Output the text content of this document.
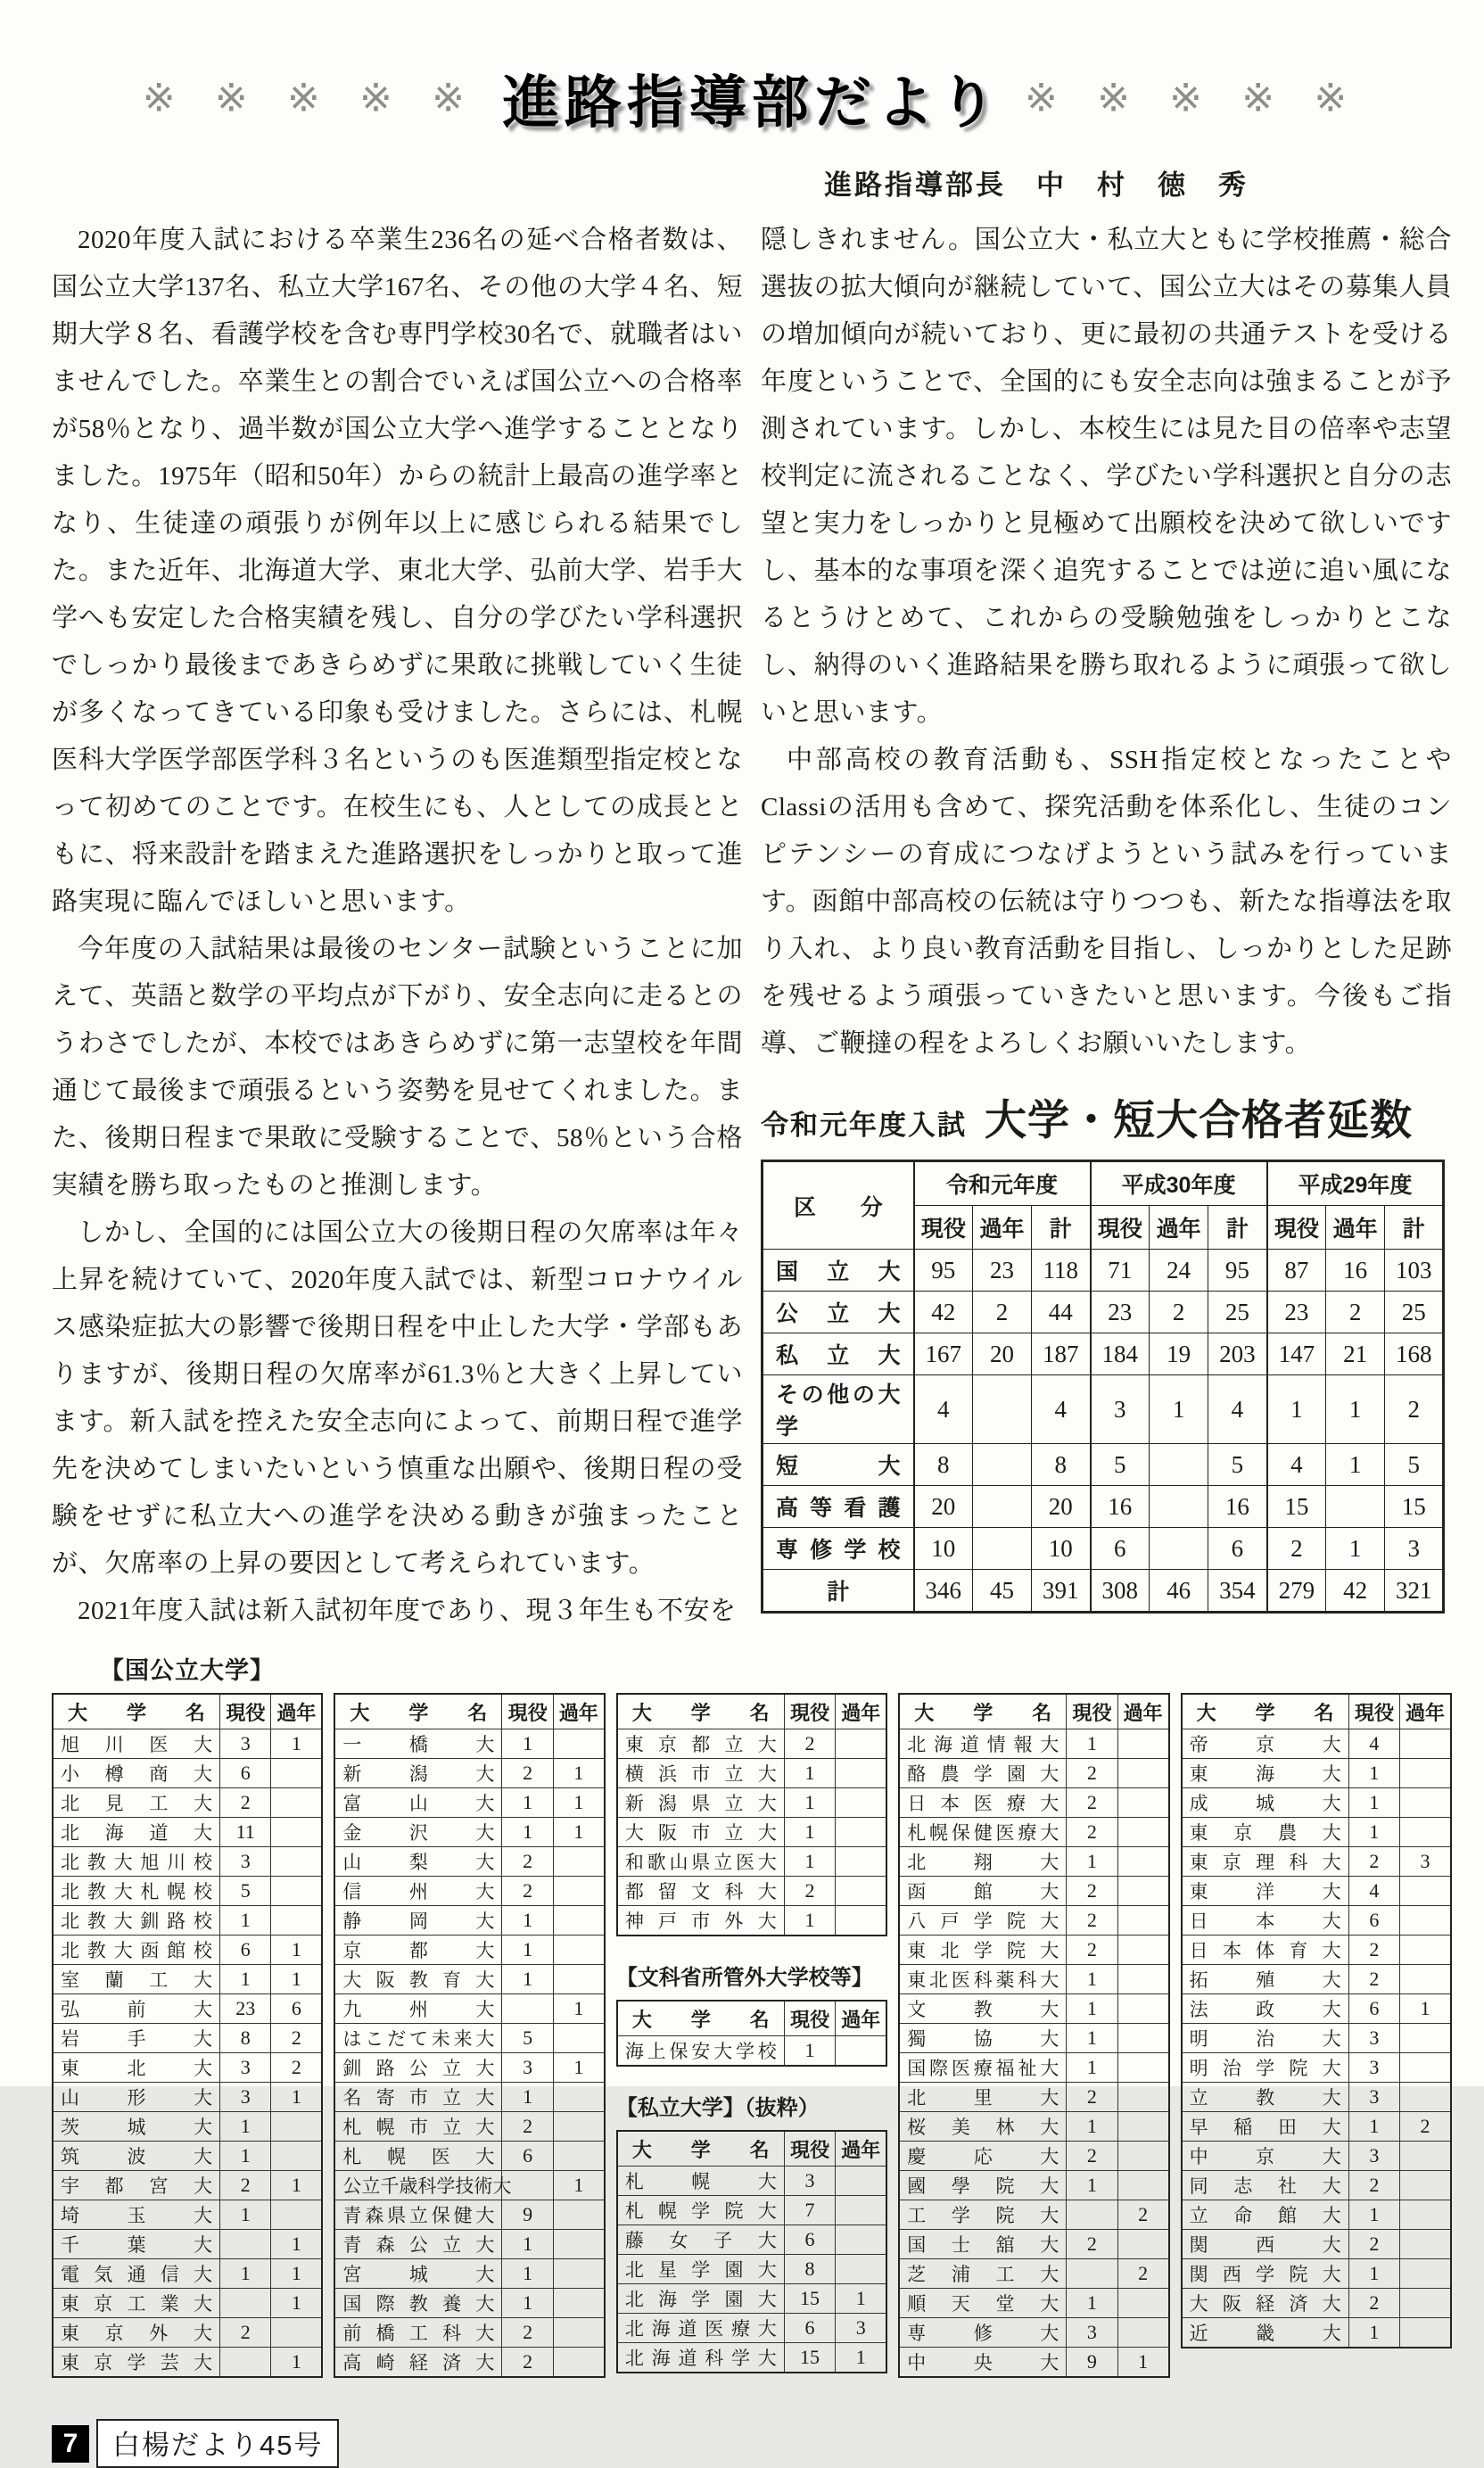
※ ※ ※ ※ ※ 進路指導部だより ※ ※ ※ ※ ※
進路指導部長　中　村　徳　秀

2020年度入試における卒業生236名の延べ合格者数は、国公立大学137名、私立大学167名、その他の大学４名、短期大学８名、看護学校を含む専門学校30名で、就職者はいませんでした。卒業生との割合でいえば国公立への合格率が58％となり、過半数が国公立大学へ進学することとなりました。1975年（昭和50年）からの統計上最高の進学率となり、生徒達の頑張りが例年以上に感じられる結果でした。また近年、北海道大学、東北大学、弘前大学、岩手大学へも安定した合格実績を残し、自分の学びたい学科選択でしっかり最後まであきらめずに果敢に挑戦していく生徒が多くなってきている印象も受けました。さらには、札幌医科大学医学部医学科３名というのも医進類型指定校となって初めてのことです。在校生にも、人としての成長とともに、将来設計を踏まえた進路選択をしっかりと取って進路実現に臨んでほしいと思います。

今年度の入試結果は最後のセンター試験ということに加えて、英語と数学の平均点が下がり、安全志向に走るとのうわさでしたが、本校ではあきらめずに第一志望校を年間通じて最後まで頑張るという姿勢を見せてくれました。また、後期日程まで果敢に受験することで、58％という合格実績を勝ち取ったものと推測します。

しかし、全国的には国公立大の後期日程の欠席率は年々上昇を続けていて、2020年度入試では、新型コロナウイルス感染症拡大の影響で後期日程を中止した大学・学部もありますが、後期日程の欠席率が61.3％と大きく上昇しています。新入試を控えた安全志向によって、前期日程で進学先を決めてしまいたいという慎重な出願や、後期日程の受験をせずに私立大への進学を決める動きが強まったことが、欠席率の上昇の要因として考えられています。

2021年度入試は新入試初年度であり、現３年生も不安を

隠しきれません。国公立大・私立大ともに学校推薦・総合選抜の拡大傾向が継続していて、国公立大はその募集人員の増加傾向が続いており、更に最初の共通テストを受ける年度ということで、全国的にも安全志向は強まることが予測されています。しかし、本校生には見た目の倍率や志望校判定に流されることなく、学びたい学科選択と自分の志望と実力をしっかりと見極めて出願校を決めて欲しいですし、基本的な事項を深く追究することでは逆に追い風になるとうけとめて、これからの受験勉強をしっかりとこなし、納得のいく進路結果を勝ち取れるように頑張って欲しいと思います。

中部高校の教育活動も、SSH指定校となったことやClassiの活用も含めて、探究活動を体系化し、生徒のコンピテンシーの育成につなげようという試みを行っています。函館中部高校の伝統は守りつつも、新たな指導法を取り入れ、より良い教育活動を目指し、しっかりとした足跡を残せるよう頑張っていきたいと思います。今後もご指導、ご鞭撻の程をよろしくお願いいたします。

令和元年度入試 大学・短大合格者延数
区　　分	令和元年度			平成30年度			平成29年度		
	現役	過年	計	現役	過年	計	現役	過年	計
国立大	95	23	118	71	24	95	87	16	103
公立大	42	2	44	23	2	25	23	2	25
私立大	167	20	187	184	19	203	147	21	168
その他の大学	4		4	3	1	4	1	1	2
短大	8		8	5		5	4	1	5
高等看護	20		20	16		16	15		15
専修学校	10		10	6		6	2	1	3
計	346	45	391	308	46	354	279	42	321
【国公立大学】
大学名	現役	過年
旭川医大	3	1
小樽商大	6	
北見工大	2	
北海道大	11	
北教大旭川校	3	
北教大札幌校	5	
北教大釧路校	1	
北教大函館校	6	1
室蘭工大	1	1
弘前大	23	6
岩手大	8	2
東北大	3	2
山形大	3	1
茨城大	1	
筑波大	1	
宇都宮大	2	1
埼玉大	1	
千葉大		1
電気通信大	1	1
東京工業大		1
東京外大	2	
東京学芸大		1
大学名	現役	過年
一橋大	1	
新潟大	2	1
富山大	1	1
金沢大	1	1
山梨大	2	
信州大	2	
静岡大	1	
京都大	1	
大阪教育大	1	
九州大		1
はこだて未来大	5	
釧路公立大	3	1
名寄市立大	1	
札幌市立大	2	
札幌医大	6	
公立千歳科学技術大		1
青森県立保健大	9	
青森公立大	1	
宮城大	1	
国際教養大	1	
前橋工科大	2	
高崎経済大	2	
大学名	現役	過年
東京都立大	2	
横浜市立大	1	
新潟県立大	1	
大阪市立大	1	
和歌山県立医大	1	
都留文科大	2	
神戸市外大	1	
【文科省所管外大学校等】
大学名	現役	過年
海上保安大学校	1	
【私立大学】（抜粋）
大学名	現役	過年
札幌大	3	
札幌学院大	7	
藤女子大	6	
北星学園大	8	
北海学園大	15	1
北海道医療大	6	3
北海道科学大	15	1
大学名	現役	過年
北海道情報大	1	
酪農学園大	2	
日本医療大	2	
札幌保健医療大	2	
北翔大	1	
函館大	2	
八戸学院大	2	
東北学院大	2	
東北医科薬科大	1	
文教大	1	
獨協大	1	
国際医療福祉大	1	
北里大	2	
桜美林大	1	
慶応大	2	
國學院大	1	
工学院大		2
国士舘大	2	
芝浦工大		2
順天堂大	1	
専修大	3	
中央大	9	1
大学名	現役	過年
帝京大	4	
東海大	1	
成城大	1	
東京農大	1	
東京理科大	2	3
東洋大	4	
日本大	6	
日本体育大	2	
拓殖大	2	
法政大	6	1
明治大	3	
明治学院大	3	
立教大	3	
早稲田大	1	2
中京大	3	
同志社大	2	
立命館大	1	
関西大	2	
関西学院大	1	
大阪経済大	2	
近畿大	1	
7	白楊だより45号
